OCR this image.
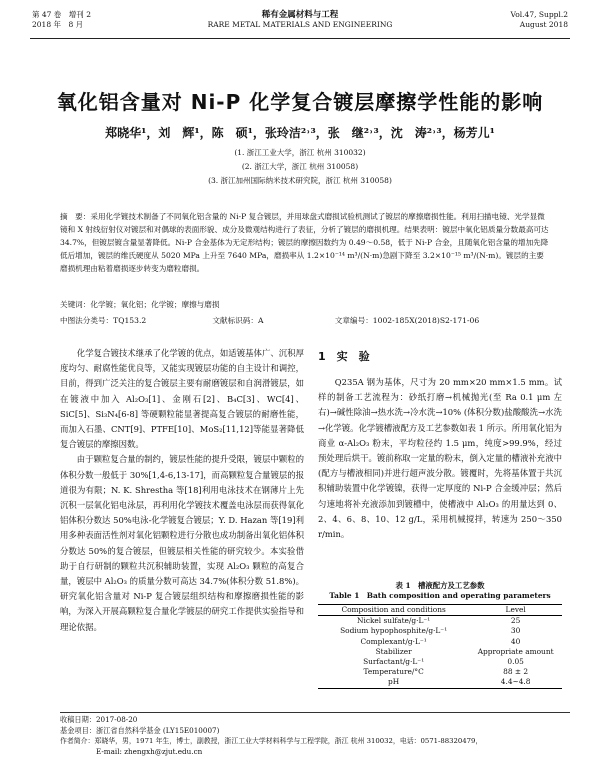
第 47 卷　增刊 2
2018 年　8 月
稀有金属材料与工程
RARE METAL MATERIALS AND ENGINEERING
Vol.47, Suppl.2
August 2018
氧化铝含量对 Ni-P 化学复合镀层摩擦学性能的影响
郑晓华¹，刘　辉¹，陈　硕¹，张玲洁²˒³，张　继²˒³，沈　涛²˒³，杨芳儿¹
(1. 浙江工业大学，浙江 杭州 310032)
(2. 浙江大学，浙江 杭州 310058)
(3. 浙江加州国际纳米技术研究院，浙江 杭州 310058)
摘　要：采用化学镀技术制备了不同氧化铝含量的 Ni-P 复合镀层，并用球盘式磨损试验机测试了镀层的摩擦磨损性能。利用扫描电镜、光学显微镜和 X 射线衍射仪对镀层和对偶球的表面形貌、成分及微观结构进行了表征，分析了镀层的磨损机理。结果表明：镀层中氧化铝质量分数最高可达 34.7%，但镀层镀含量显著降低。Ni-P 合金基体为无定形结构；镀层的摩擦因数约为 0.49～0.58，低于 Ni-P 合金，且随氧化铝含量的增加先降低后增加，镀层的维氏硬度从 5020 MPa 上升至 7640 MPa，磨损率从 1.2×10⁻¹⁴ m³/(N·m)急剧下降至 3.2×10⁻¹⁵ m³/(N·m)。镀层的主要磨损机理由粘着磨损逐步转变为磨粒磨损。
关键词：化学镀；氧化铝；化学镀；摩擦与磨损
中图法分类号：TQ153.2	文献标识码：A	文章编号：1002-185X(2018)S2-171-06

化学复合镀技术继承了化学镀的优点，如适镀基体广、沉积厚度均匀、耐腐性能优良等，又能实现镀层功能的自主设计和调控，目前，得到广泛关注的复合镀层主要有耐磨镀层和自润滑镀层，如在镀液中加入 Al₂O₃[1]、金刚石[2]、B₄C[3]、WC[4]、SiC[5]、Si₃N₄[6-8] 等硬颗粒能显著提高复合镀层的耐磨性能，而加入石墨、CNT[9]、PTFE[10]、MoS₂[11,12]等能显著降低复合镀层的摩擦因数。

由于颗粒复合量的制约，镀层性能的提升受限，镀层中颗粒的体积分数一般低于 30%[1,4-6,13-17]，而高颗粒复合量镀层的报道很为有限；N. K. Shrestha 等[18]利用电泳技术在钢薄片上先沉积一层氧化铝电泳层，再利用化学镀技术覆盖电泳层而获得氧化铝体积分数达 50%电泳-化学镀复合镀层；Y. D. Hazan 等[19]利用多种表面活性剂对氧化铝颗粒进行分散也成功制备出氧化铝体积分数达 50%的复合镀层，但镀层相关性能的研究较少。本实验借助于自行研制的颗粒共沉积辅助装置，实现 Al₂O₃ 颗粒的高复合量，镀层中 Al₂O₃ 的质量分数可高达 34.7%(体积分数 51.8%)。研究氧化铝含量对 Ni-P 复合镀层组织结构和摩擦磨损性能的影响，为深入开展高颗粒复合量化学镀层的研究工作提供实验指导和理论依据。

1　实　验

Q235A 钢为基体，尺寸为 20 mm×20 mm×1.5 mm。试样的制备工艺流程为：砂纸打磨→机械抛光(至 Ra 0.1 μm 左右)→碱性除油→热水洗→冷水洗→10% (体积分数)盐酸酸洗→水洗→化学镀。化学镀槽液配方及工艺参数如表 1 所示。所用氧化铝为商业 α-Al₂O₃ 粉末，平均粒径约 1.5 μm，纯度>99.9%，经过预处理后烘干。镀前称取一定量的粉末，倒入定量的槽液补充液中(配方与槽液相同)并进行超声波分散。镀覆时，先将基体置于共沉积辅助装置中化学镀镍，获得一定厚度的 Ni-P 合金缓冲层；然后匀速地将补充液添加到镀槽中，使槽液中 Al₂O₃ 的用量达到 0、2、4、6、8、10、12 g/L，采用机械搅拌，转速为 250～350 r/min。

表 1　槽液配方及工艺参数
Table 1　Bath composition and operating parameters
Composition and conditions	Level
Nickel sulfate/g·L⁻¹	25
Sodium hypophosphite/g·L⁻¹	30
Complexant/g·L⁻¹	40
Stabilizer	Appropriate amount
Surfactant/g·L⁻¹	0.05
Temperature/°C	88 ± 2
pH	4.4~4.8
收稿日期：2017-08-20
基金项目：浙江省自然科学基金 (LY15E010007)
作者简介：郑晓华，男，1971 年生，博士，副教授，浙江工业大学材料科学与工程学院，浙江 杭州 310032，电话：0571-88320479，
E-mail: zhengxh@zjut.edu.cn
